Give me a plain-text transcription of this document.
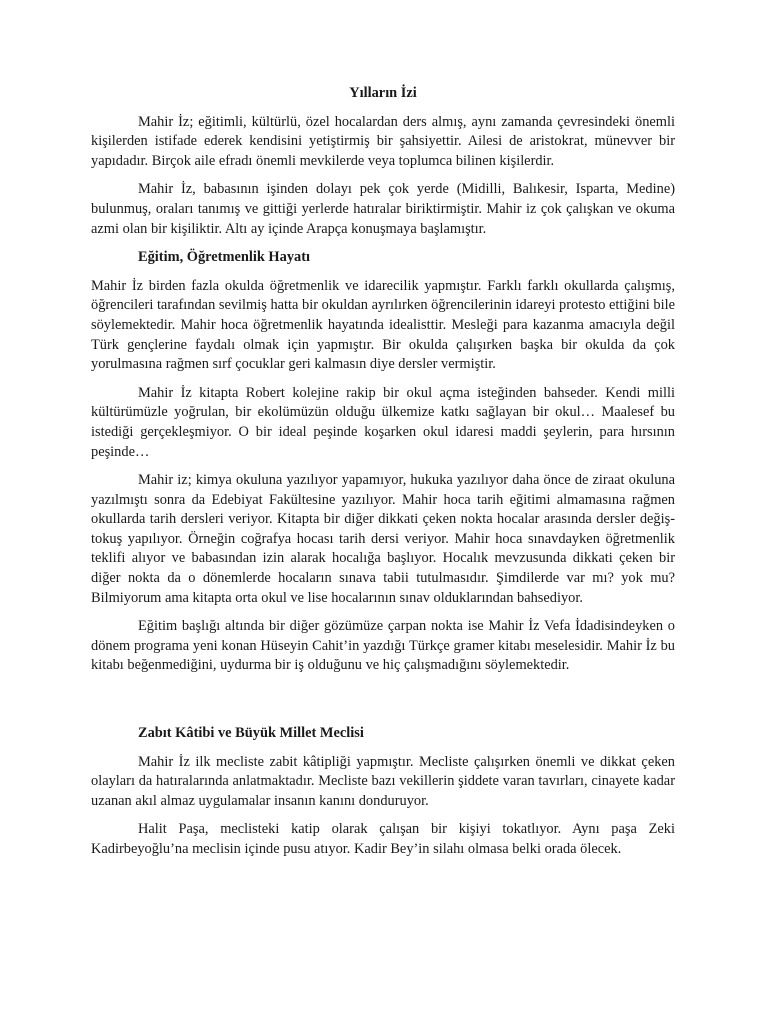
Yılların İzi

Mahir İz; eğitimli, kültürlü, özel hocalardan ders almış, aynı zamanda çevresindeki önemli kişilerden istifade ederek kendisini yetiştirmiş bir şahsiyettir. Ailesi de aristokrat, münevver bir yapıdadır. Birçok aile efradı önemli mevkilerde veya toplumca bilinen kişilerdir.

Mahir İz, babasının işinden dolayı pek çok yerde (Midilli, Balıkesir, Isparta, Medine) bulunmuş, oraları tanımış ve gittiği yerlerde hatıralar biriktirmiştir. Mahir iz çok çalışkan ve okuma azmi olan bir kişiliktir. Altı ay içinde Arapça konuşmaya başlamıştır.

Eğitim, Öğretmenlik Hayatı

Mahir İz birden fazla okulda öğretmenlik ve idarecilik yapmıştır. Farklı farklı okullarda çalışmış, öğrencileri tarafından sevilmiş hatta bir okuldan ayrılırken öğrencilerinin idareyi protesto ettiğini bile söylemektedir. Mahir hoca öğretmenlik hayatında idealisttir. Mesleği para kazanma amacıyla değil Türk gençlerine faydalı olmak için yapmıştır. Bir okulda çalışırken başka bir okulda da çok yorulmasına rağmen sırf çocuklar geri kalmasın diye dersler vermiştir.

Mahir İz kitapta Robert kolejine rakip bir okul açma isteğinden bahseder. Kendi milli kültürümüzle yoğrulan, bir ekolümüzün olduğu ülkemize katkı sağlayan bir okul… Maalesef bu istediği gerçekleşmiyor. O bir ideal peşinde koşarken okul idaresi maddi şeylerin, para hırsının peşinde…

Mahir iz; kimya okuluna yazılıyor yapamıyor, hukuka yazılıyor daha önce de ziraat okuluna yazılmıştı sonra da Edebiyat Fakültesine yazılıyor. Mahir hoca tarih eğitimi almamasına rağmen okullarda tarih dersleri veriyor. Kitapta bir diğer dikkati çeken nokta hocalar arasında dersler değiş-tokuş yapılıyor. Örneğin coğrafya hocası tarih dersi veriyor. Mahir hoca sınavdayken öğretmenlik teklifi alıyor ve babasından izin alarak hocalığa başlıyor. Hocalık mevzusunda dikkati çeken bir diğer nokta da o dönemlerde hocaların sınava tabii tutulmasıdır. Şimdilerde var mı? yok mu? Bilmiyorum ama kitapta orta okul ve lise hocalarının sınav olduklarından bahsediyor.

Eğitim başlığı altında bir diğer gözümüze çarpan nokta ise Mahir İz Vefa İdadisindeyken o dönem programa yeni konan Hüseyin Cahit’in yazdığı Türkçe gramer kitabı meselesidir. Mahir İz bu kitabı beğenmediğini, uydurma bir iş olduğunu ve hiç çalışmadığını söylemektedir.

Zabıt Kâtibi ve Büyük Millet Meclisi

Mahir İz ilk mecliste zabit kâtipliği yapmıştır. Mecliste çalışırken önemli ve dikkat çeken olayları da hatıralarında anlatmaktadır. Mecliste bazı vekillerin şiddete varan tavırları, cinayete kadar uzanan akıl almaz uygulamalar insanın kanını donduruyor.

Halit Paşa, meclisteki katip olarak çalışan bir kişiyi tokatlıyor. Aynı paşa Zeki Kadirbeyoğlu’na meclisin içinde pusu atıyor. Kadir Bey’in silahı olmasa belki orada ölecek.
